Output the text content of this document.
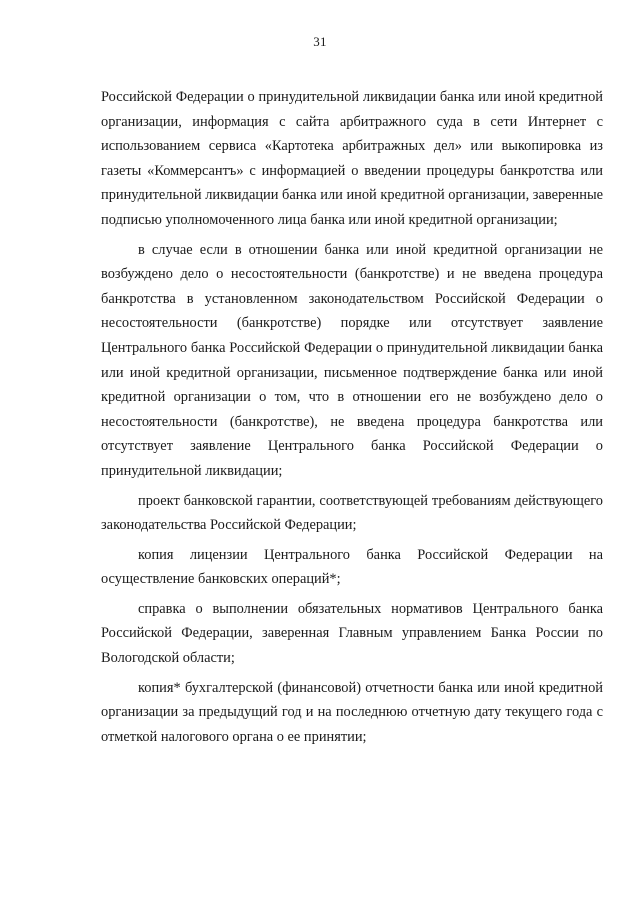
31

Российской Федерации о принудительной ликвидации банка или иной кредитной организации, информация с сайта арбитражного суда в сети Интернет с использованием сервиса «Картотека арбитражных дел» или выкопировка из газеты «Коммерсантъ» с информацией о введении процедуры банкротства или принудительной ликвидации банка или иной кредитной организации, заверенные подписью уполномоченного лица банка или иной кредитной организации;

в случае если в отношении банка или иной кредитной организации не возбуждено дело о несостоятельности (банкротстве) и не введена процедура банкротства в установленном законодательством Российской Федерации о несостоятельности (банкротстве) порядке или отсутствует заявление Центрального банка Российской Федерации о принудительной ликвидации банка или иной кредитной организации, письменное подтверждение банка или иной кредитной организации о том, что в отношении его не возбуждено дело о несостоятельности (банкротстве), не введена процедура банкротства или отсутствует заявление Центрального банка Российской Федерации о принудительной ликвидации;

проект банковской гарантии, соответствующей требованиям действующего законодательства Российской Федерации;

копия лицензии Центрального банка Российской Федерации на осуществление банковских операций*;

справка о выполнении обязательных нормативов Центрального банка Российской Федерации, заверенная Главным управлением Банка России по Вологодской области;

копия* бухгалтерской (финансовой) отчетности банка или иной кредитной организации за предыдущий год и на последнюю отчетную дату текущего года с отметкой налогового органа о ее принятии;
